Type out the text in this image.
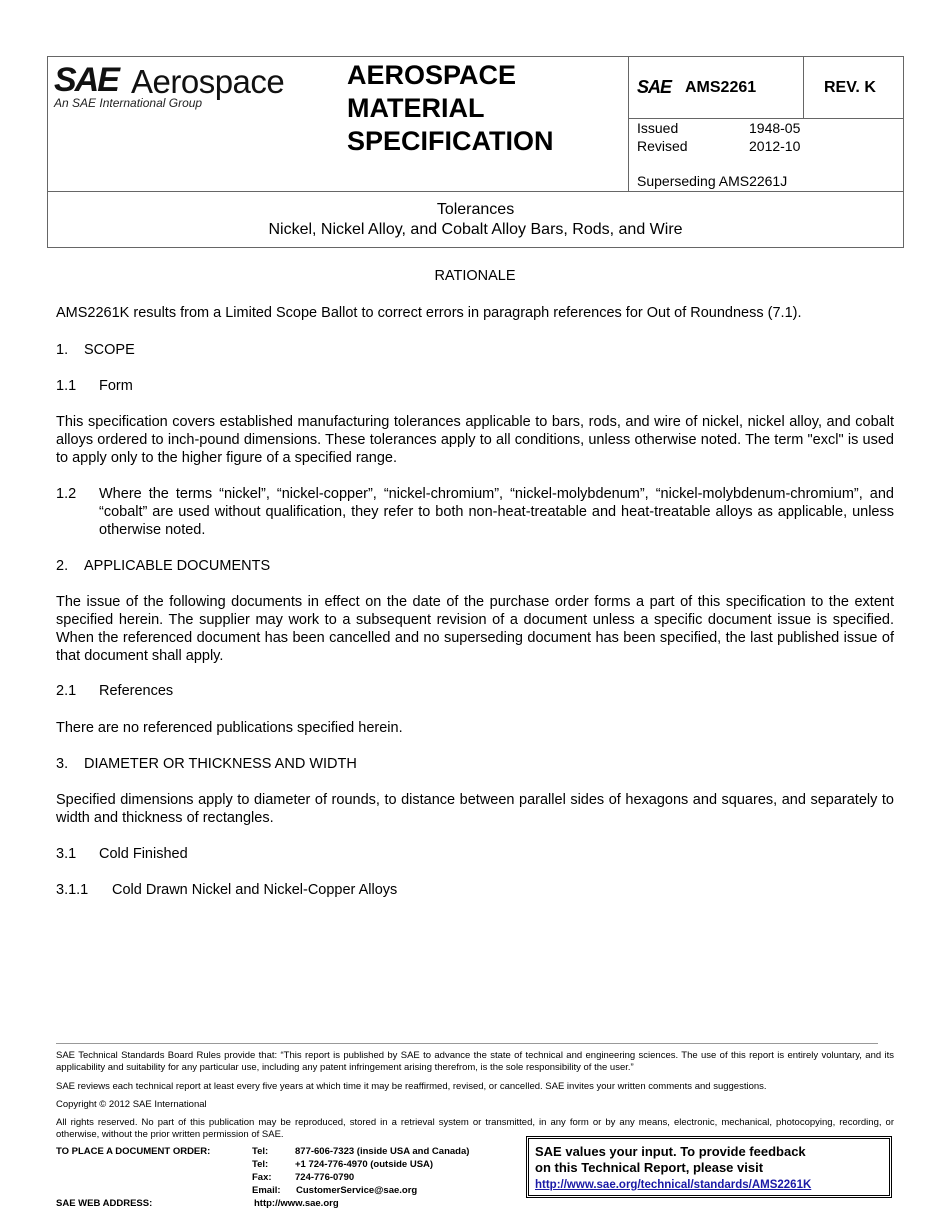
SAE Aerospace
An SAE International Group
AEROSPACE
MATERIAL
SPECIFICATION
SAE AMS2261	REV. K
Issued	1948-05
Revised	2012-10
Superseding AMS2261J
Tolerances
Nickel, Nickel Alloy, and Cobalt Alloy Bars, Rods, and Wire
RATIONALE
AMS2261K results from a Limited Scope Ballot to correct errors in paragraph references for Out of Roundness (7.1).
1. SCOPE
1.1 Form
This specification covers established manufacturing tolerances applicable to bars, rods, and wire of nickel, nickel alloy, and cobalt alloys ordered to inch-pound dimensions. These tolerances apply to all conditions, unless otherwise noted. The term "excl" is used to apply only to the higher figure of a specified range.
1.2 Where the terms “nickel”, “nickel-copper”, “nickel-chromium”, “nickel-molybdenum”, “nickel-molybdenum-chromium”, and “cobalt” are used without qualification, they refer to both non-heat-treatable and heat-treatable alloys as applicable, unless otherwise noted.
2. APPLICABLE DOCUMENTS
The issue of the following documents in effect on the date of the purchase order forms a part of this specification to the extent specified herein. The supplier may work to a subsequent revision of a document unless a specific document issue is specified. When the referenced document has been cancelled and no superseding document has been specified, the last published issue of that document shall apply.
2.1 References
There are no referenced publications specified herein.
3. DIAMETER OR THICKNESS AND WIDTH
Specified dimensions apply to diameter of rounds, to distance between parallel sides of hexagons and squares, and separately to width and thickness of rectangles.
3.1 Cold Finished
3.1.1 Cold Drawn Nickel and Nickel-Copper Alloys
SAE Technical Standards Board Rules provide that: “This report is published by SAE to advance the state of technical and engineering sciences. The use of this report is entirely voluntary, and its applicability and suitability for any particular use, including any patent infringement arising therefrom, is the sole responsibility of the user.”
SAE reviews each technical report at least every five years at which time it may be reaffirmed, revised, or cancelled. SAE invites your written comments and suggestions.
Copyright © 2012 SAE International
All rights reserved. No part of this publication may be reproduced, stored in a retrieval system or transmitted, in any form or by any means, electronic, mechanical, photocopying, recording, or otherwise, without the prior written permission of SAE.
TO PLACE A DOCUMENT ORDER:	Tel:	877-606-7323 (inside USA and Canada)
Tel:	+1 724-776-4970 (outside USA)
Fax: 724-776-0790
Email: CustomerService@sae.org
SAE WEB ADDRESS:	http://www.sae.org
SAE values your input. To provide feedback
on this Technical Report, please visit
http://www.sae.org/technical/standards/AMS2261K
